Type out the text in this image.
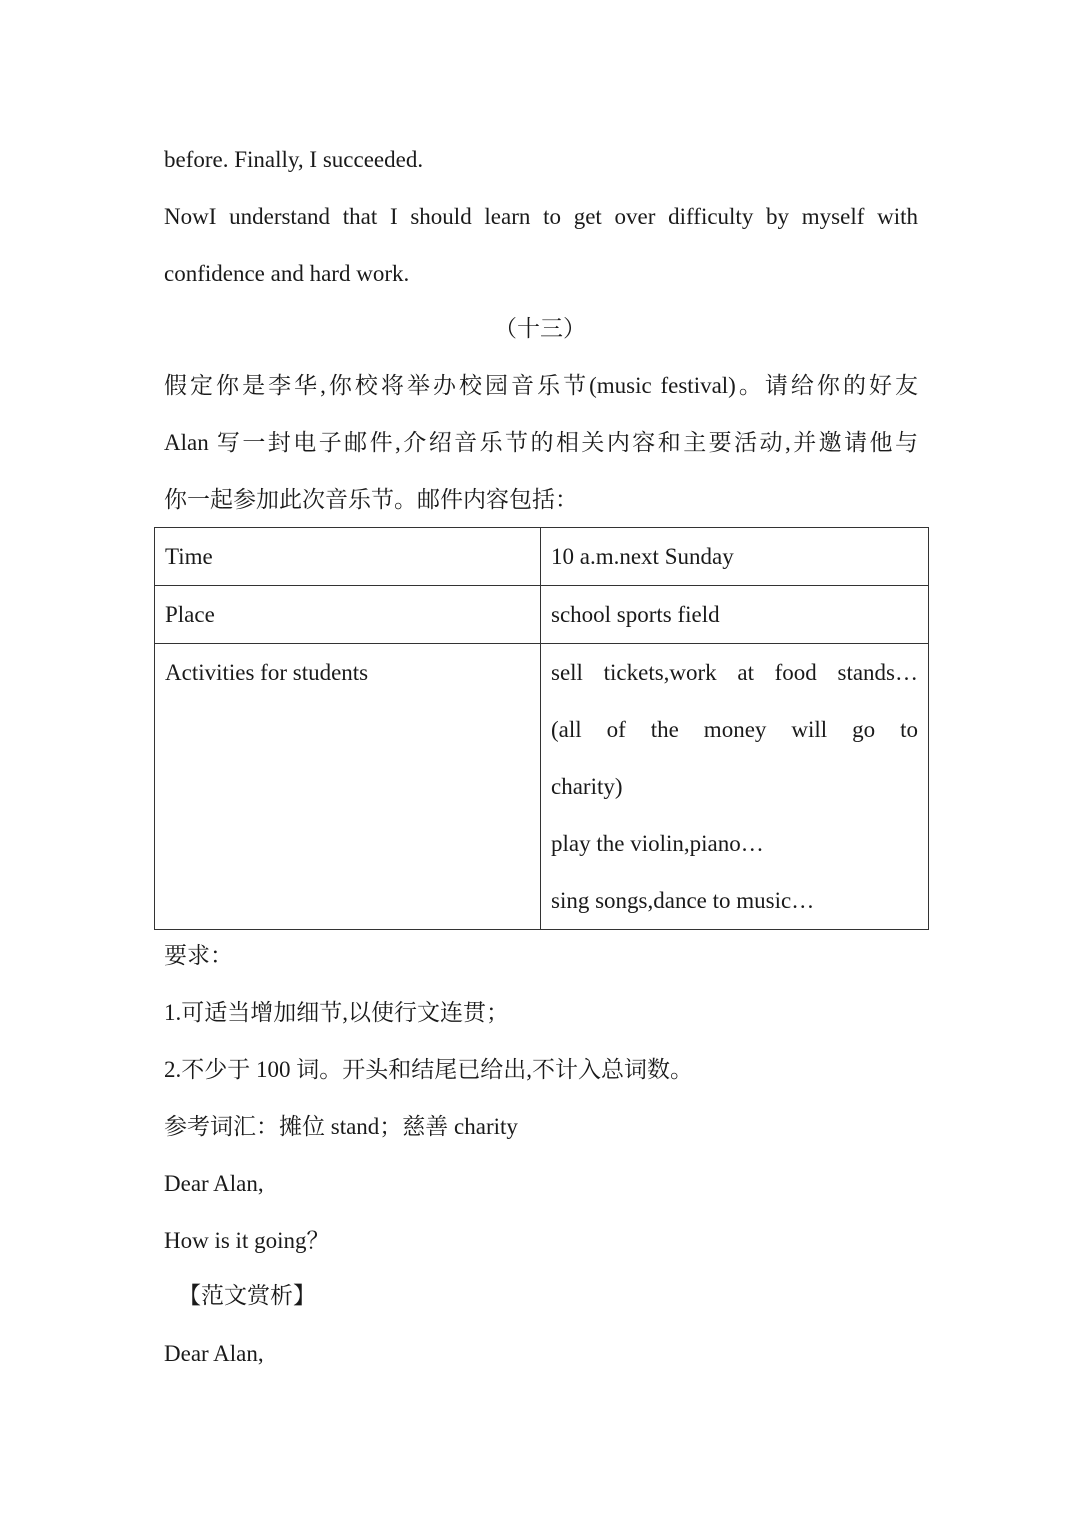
before. Finally, I succeeded.
NowI understand that I should learn to get over difficulty by myself with
confidence and hard work.
（十三）
假定你是李华,你校将举办校园音乐节(music festival)。请给你的好友
Alan 写一封电子邮件,介绍音乐节的相关内容和主要活动,并邀请他与
你一起参加此次音乐节。邮件内容包括：
Time	10 a.m.next Sunday

Place	school sports field

Activities for students	sell tickets,work at food stands…
(all of the money will go to
charity)
play the violin,piano…
sing songs,dance to music…
要求：
1.可适当增加细节,以使行文连贯；
2.不少于 100 词。开头和结尾已给出,不计入总词数。
参考词汇：摊位 stand；慈善 charity
Dear Alan,
How is it going？
【范文赏析】
Dear Alan,
